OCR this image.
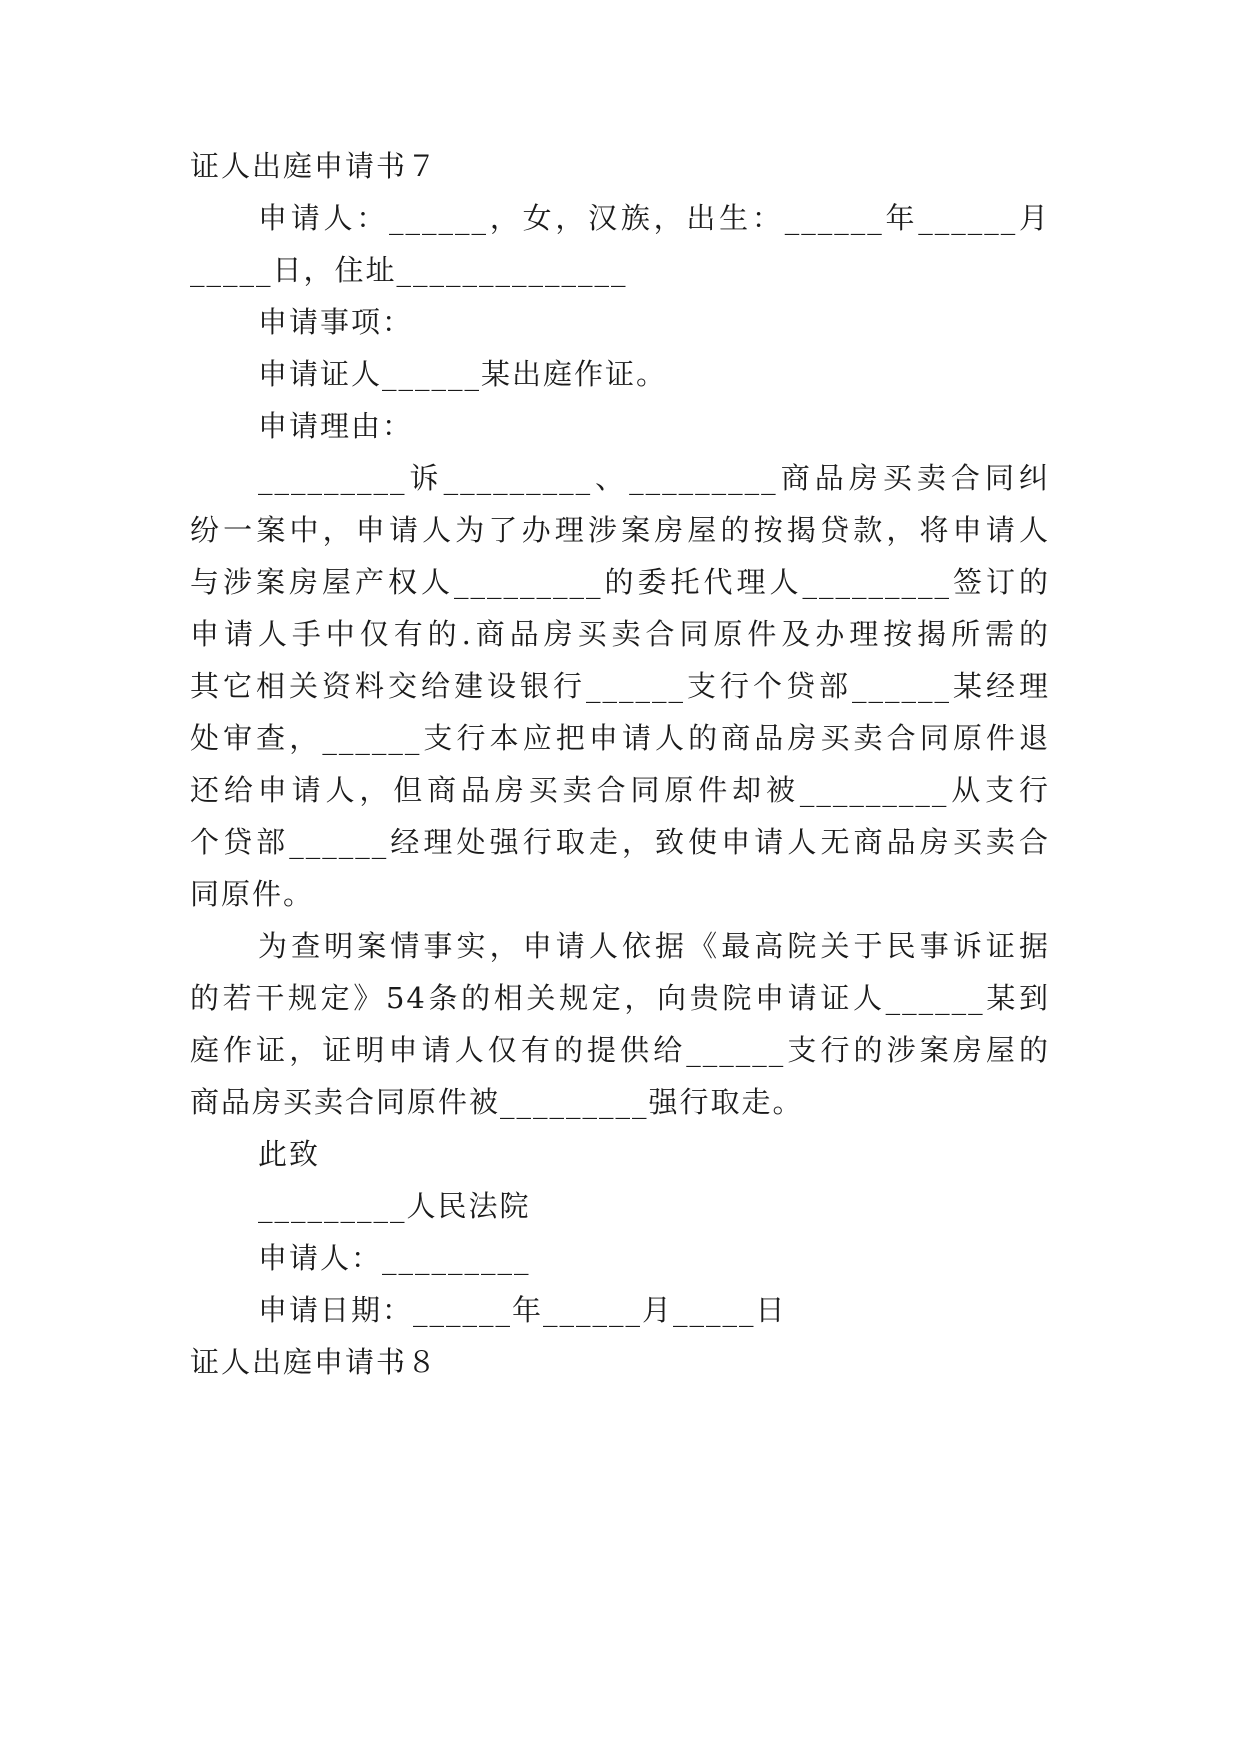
证人出庭申请书７
申请人：______，女，汉族，出生：______年______月
_____日，住址______________
申请事项：
申请证人______某出庭作证。
申请理由：
_________诉_________、_________商品房买卖合同纠
纷一案中，申请人为了办理涉案房屋的按揭贷款，将申请人
与涉案房屋产权人_________的委托代理人_________签订的
申请人手中仅有的.商品房买卖合同原件及办理按揭所需的
其它相关资料交给建设银行______支行个贷部______某经理
处审查，______支行本应把申请人的商品房买卖合同原件退
还给申请人，但商品房买卖合同原件却被_________从支行
个贷部______经理处强行取走，致使申请人无商品房买卖合
同原件。
为查明案情事实，申请人依据《最高院关于民事诉证据
的若干规定》54条的相关规定，向贵院申请证人______某到
庭作证，证明申请人仅有的提供给______支行的涉案房屋的
商品房买卖合同原件被_________强行取走。
此致
_________人民法院
申请人：_________
申请日期：______年______月_____日
证人出庭申请书８
